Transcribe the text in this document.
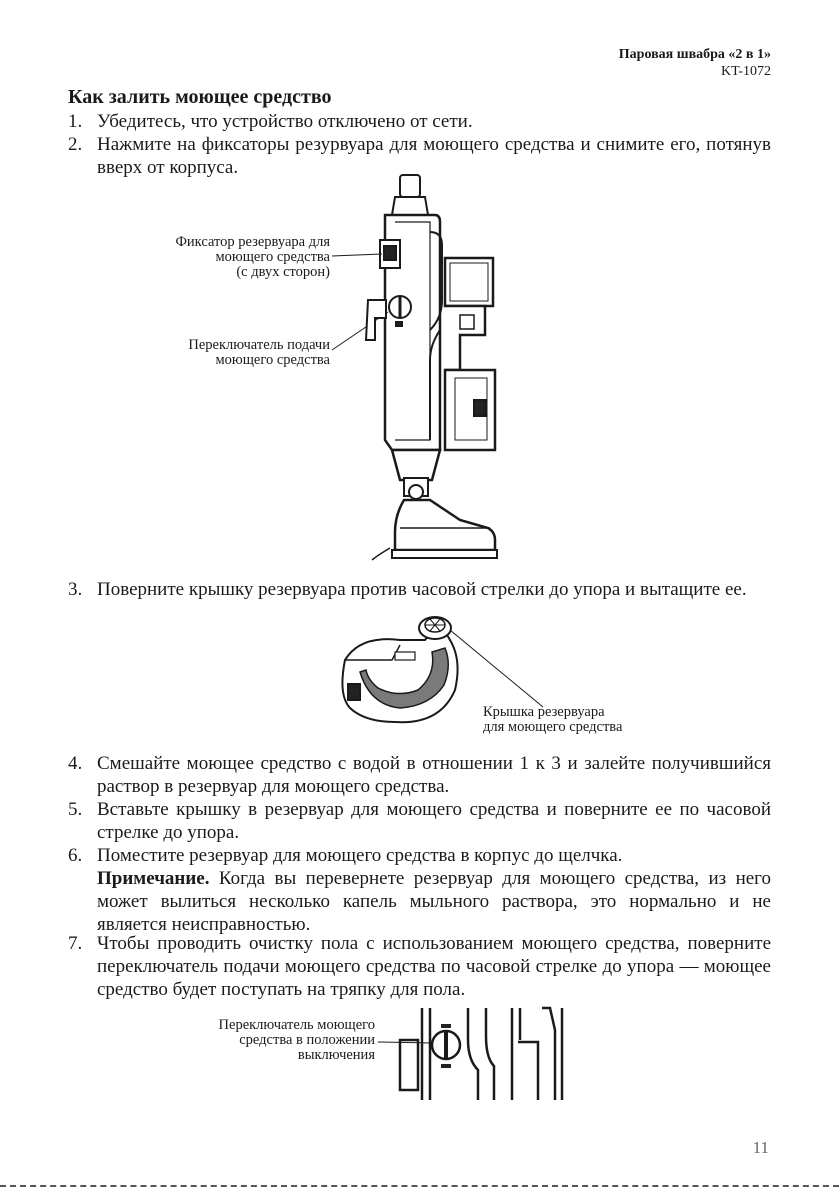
Паровая швабра «2 в 1»
KT-1072
Как залить моющее средство
1. Убедитесь, что устройство отключено от сети.
2. Нажмите на фиксаторы резурвуара для моющего средства и снимите его, потянув вверх от корпуса.
Фиксатор резервуара для
моющего средства
(с двух сторон)
Переключатель подачи
моющего средства
3. Поверните крышку резервуара против часовой стрелки до упора и вытащите ее.
Крышка резервуара
для моющего средства
4. Смешайте моющее средство с водой в отношении 1 к 3 и залейте получившийся раствор в резервуар для моющего средства.
5. Вставьте крышку в резервуар для моющего средства и поверните ее по часовой стрелке до упора.
6. Поместите резервуар для моющего средства в корпус до щелчка.
Примечание. Когда вы перевернете резервуар для моющего средства, из него может вылиться несколько капель мыльного раствора, это нормально и не является неисправностью.
7. Чтобы проводить очистку пола с использованием моющего средства, поверните переключатель подачи моющего средства по часовой стрелке до упора — моющее средство будет поступать на тряпку для пола.
Переключатель моющего
средства в положении
выключения
11
